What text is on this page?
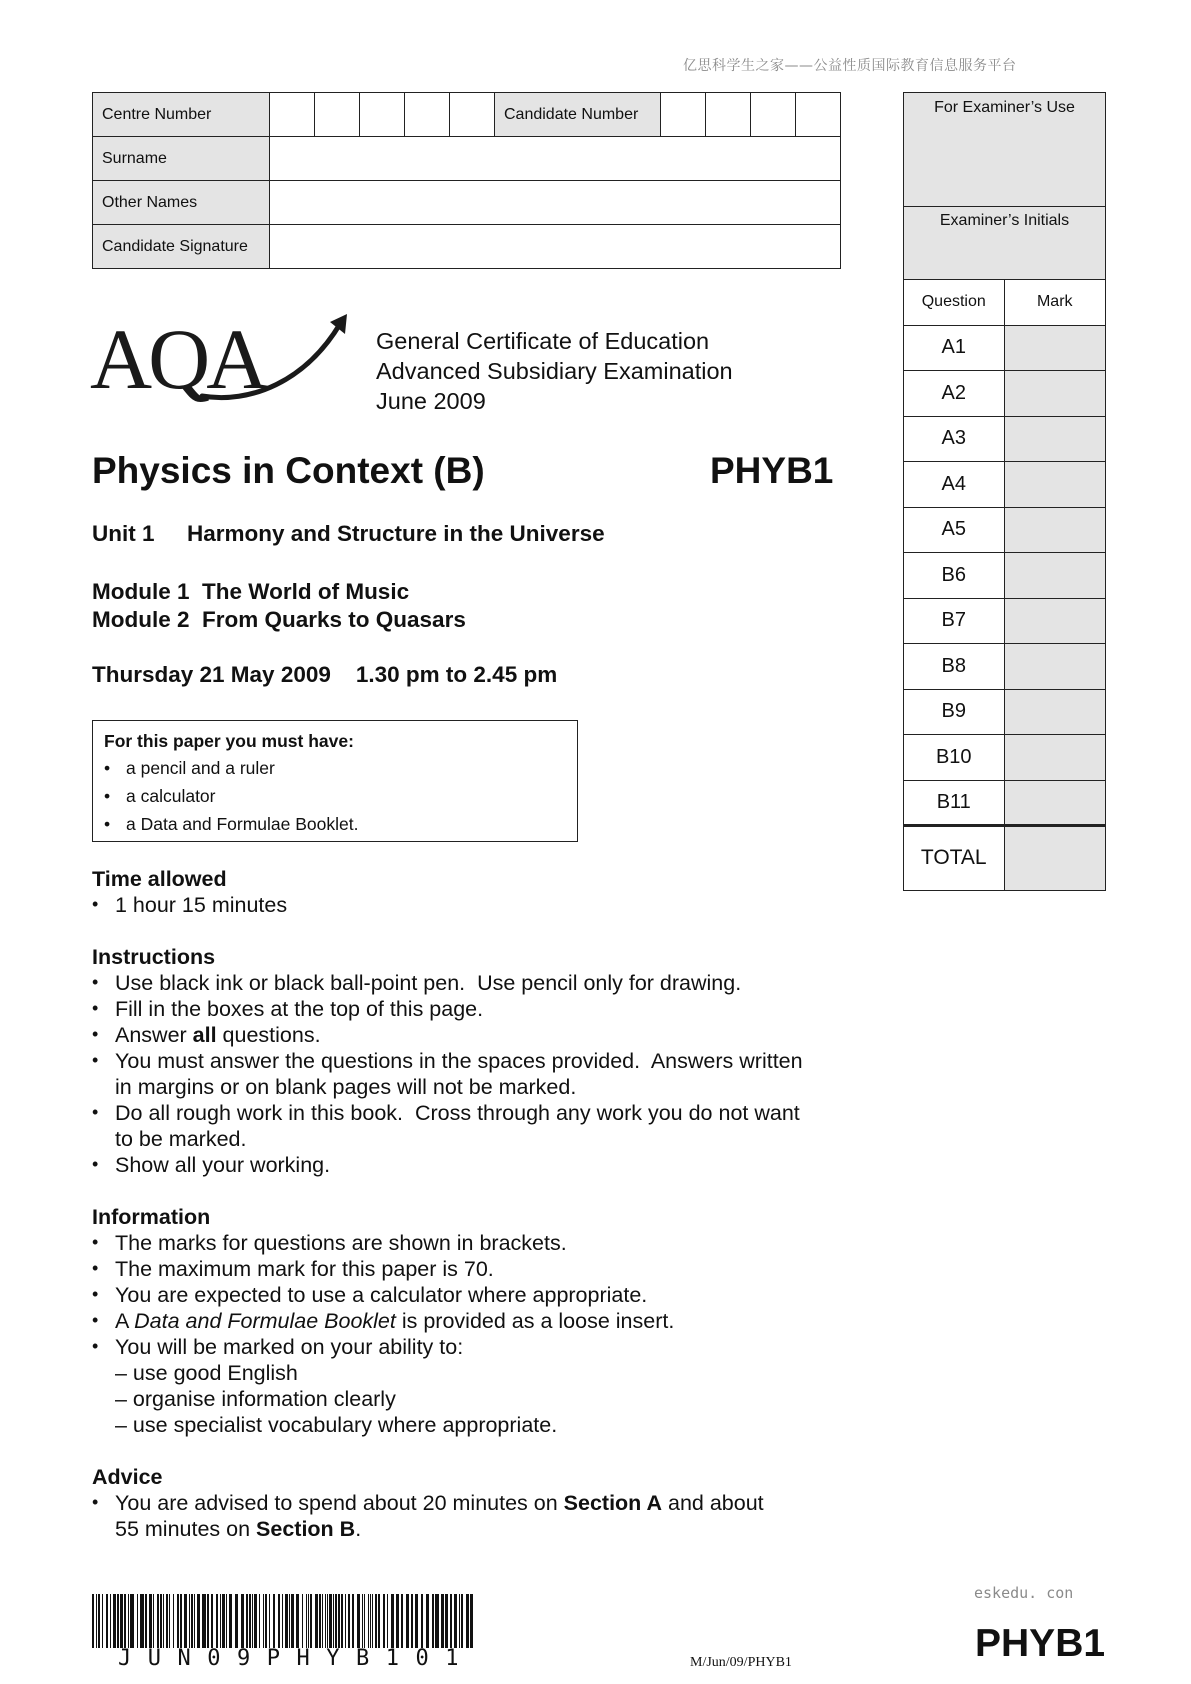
亿思科学生之家——公益性质国际教育信息服务平台
Centre Number						Candidate Number				
Surname										
Other Names										
Candidate Signature										
For Examiner’s Use
Examiner’s Initials
Question	Mark
A1	
A2	
A3	
A4	
A5	
B6	
B7	
B8	
B9	
B10	
B11	
TOTAL	
AQA	General Certificate of Education
Advanced Subsidiary Examination
June 2009
Physics in Context (B)	PHYB1
Unit 1 Harmony and Structure in the Universe
Module 1  The World of Music
Module 2  From Quarks to Quasars
Thursday 21 May 2009    1.30 pm to 2.45 pm
For this paper you must have:
• a pencil and a ruler
• a calculator
• a Data and Formulae Booklet.
Time allowed
• 1 hour 15 minutes
Instructions
• Use black ink or black ball-point pen.  Use pencil only for drawing.
• Fill in the boxes at the top of this page.
• Answer all questions.
• You must answer the questions in the spaces provided.  Answers written
in margins or on blank pages will not be marked.
• Do all rough work in this book.  Cross through any work you do not want
to be marked.
• Show all your working.
Information
• The marks for questions are shown in brackets.
• The maximum mark for this paper is 70.
• You are expected to use a calculator where appropriate.
• A Data and Formulae Booklet is provided as a loose insert.
• You will be marked on your ability to:
– use good English
– organise information clearly
– use specialist vocabulary where appropriate.
Advice
• You are advised to spend about 20 minutes on Section A and about
55 minutes on Section B.
JUN09PHYB101	M/Jun/09/PHYB1
eskedu. con
PHYB1
